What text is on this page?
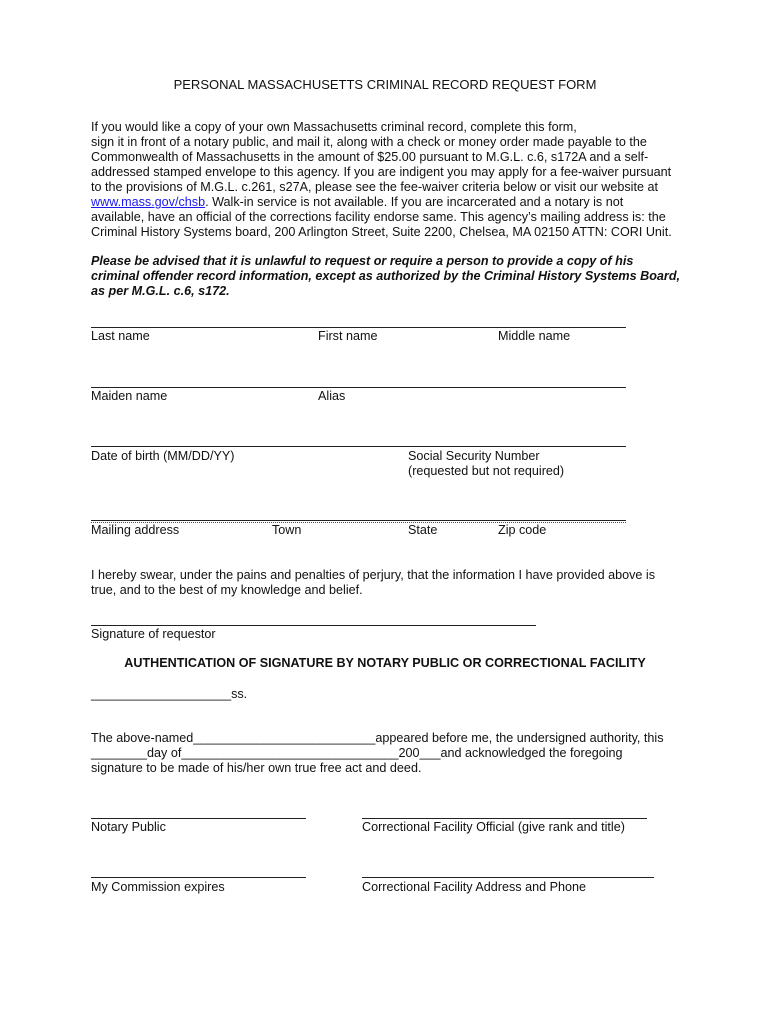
PERSONAL MASSACHUSETTS CRIMINAL RECORD REQUEST FORM
If you would like a copy of your own Massachusetts criminal record, complete this form,
sign it in front of a notary public, and mail it, along with a check or money order made payable to the
Commonwealth of Massachusetts in the amount of $25.00 pursuant to M.G.L. c.6, s172A and a self-
addressed stamped envelope to this agency. If you are indigent you may apply for a fee-waiver pursuant
to the provisions of M.G.L. c.261, s27A, please see the fee-waiver criteria below or visit our website at
www.mass.gov/chsb. Walk-in service is not available. If you are incarcerated and a notary is not
available, have an official of the corrections facility endorse same. This agency’s mailing address is: the
Criminal History Systems board, 200 Arlington Street, Suite 2200, Chelsea, MA 02150 ATTN: CORI Unit.
Please be advised that it is unlawful to request or require a person to provide a copy of his
criminal offender record information, except as authorized by the Criminal History Systems Board,
as per M.G.L. c.6, s172.
Last name	First name	Middle name
Maiden name	Alias
Date of birth (MM/DD/YY)	Social Security Number
(requested but not required)
Mailing address	Town	State	Zip code
I hereby swear, under the pains and penalties of perjury, that the information I have provided above is
true, and to the best of my knowledge and belief.
Signature of requestor
AUTHENTICATION OF SIGNATURE BY NOTARY PUBLIC OR CORRECTIONAL FACILITY
____________________ss.
The above-named__________________________appeared before me, the undersigned authority, this
________day of_______________________________200___and acknowledged the foregoing
signature to be made of his/her own true free act and deed.
Notary Public	Correctional Facility Official (give rank and title)
My Commission expires	Correctional Facility Address and Phone
